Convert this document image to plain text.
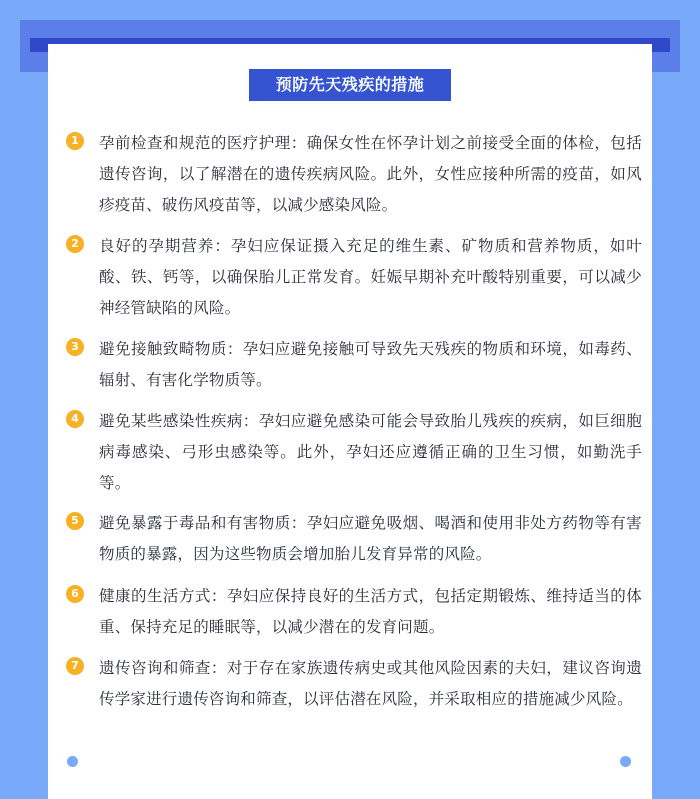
预防先天残疾的措施
1	孕前检查和规范的医疗护理：确保女性在怀孕计划之前接受全面的体检，包括遗传咨询，以了解潜在的遗传疾病风险。此外，女性应接种所需的疫苗，如风疹疫苗、破伤风疫苗等，以减少感染风险。
2	良好的孕期营养：孕妇应保证摄入充足的维生素、矿物质和营养物质，如叶酸、铁、钙等，以确保胎儿正常发育。妊娠早期补充叶酸特别重要，可以减少神经管缺陷的风险。
3	避免接触致畸物质：孕妇应避免接触可导致先天残疾的物质和环境，如毒药、辐射、有害化学物质等。
4	避免某些感染性疾病：孕妇应避免感染可能会导致胎儿残疾的疾病，如巨细胞病毒感染、弓形虫感染等。此外，孕妇还应遵循正确的卫生习惯，如勤洗手等。
5	避免暴露于毒品和有害物质：孕妇应避免吸烟、喝酒和使用非处方药物等有害物质的暴露，因为这些物质会增加胎儿发育异常的风险。
6	健康的生活方式：孕妇应保持良好的生活方式，包括定期锻炼、维持适当的体重、保持充足的睡眠等，以减少潜在的发育问题。
7	遗传咨询和筛查：对于存在家族遗传病史或其他风险因素的夫妇，建议咨询遗传学家进行遗传咨询和筛查，以评估潜在风险，并采取相应的措施减少风险。
